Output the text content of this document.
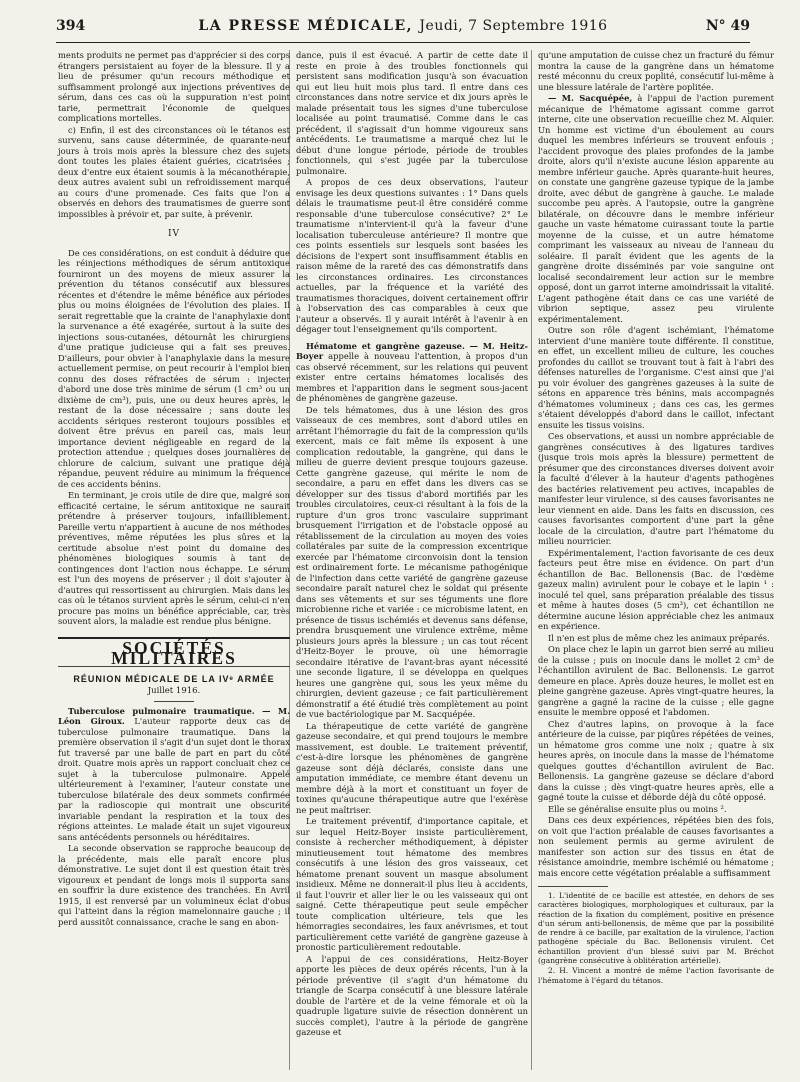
394	LA PRESSE MÉDICALE, Jeudi, 7 Septembre 1916	N° 49

ments produits ne permet pas d'apprécier si des corps étrangers persistaient au foyer de la blessure. Il y a lieu de présumer qu'un recours méthodique et suffisamment prolongé aux injections préventives de sérum, dans ces cas où la suppuration n'est point tarie, permettrait l'économie de quelques complications mortelles.

c) Enfin, il est des circonstances où le tétanos est survenu, sans cause déterminée, de quarante-neuf jours à trois mois après la blessure chez des sujets dont toutes les plaies étaient guéries, cicatrisées ; deux d'entre eux étaient soumis à la mécanothérapie, deux autres avaient subi un refroidissement marqué au cours d'une promenade. Ces faits que l'on a observés en dehors des traumatismes de guerre sont impossibles à prévoir et, par suite, à prévenir.

IV

De ces considérations, on est conduit à déduire que les réinjections méthodiques de sérum antitoxique fourniront un des moyens de mieux assurer la prévention du tétanos consécutif aux blessures récentes et d'étendre le même bénéfice aux périodes plus ou moins éloignées de l'évolution des plaies. Il serait regrettable que la crainte de l'anaphylaxie dont la survenance a été exagérée, surtout à la suite des injections sous-cutanées, détournât les chirurgiens d'une pratique judicieuse qui a fait ses preuves. D'ailleurs, pour obvier à l'anaphylaxie dans la mesure actuellement permise, on peut recourir à l'emploi bien connu des doses réfractées de sérum : injecter d'abord une dose très minime de sérum (1 cm³ ou un dixième de cm³), puis, une ou deux heures après, le restant de la dose nécessaire ; sans doute les accidents sériques resteront toujours possibles et doivent être prévus en pareil cas, mais leur importance devient négligeable en regard de la protection attendue ; quelques doses journalières de chlorure de calcium, suivant une pratique déjà répandue, peuvent réduire au minimum la fréquence de ces accidents bénins.

En terminant, je crois utile de dire que, malgré son efficacité certaine, le sérum antitoxique ne saurait prétendre à préserver toujours, infailliblement. Pareille vertu n'appartient à aucune de nos méthodes préventives, même réputées les plus sûres et la certitude absolue n'est point du domaine des phénomènes biologiques soumis à tant de contingences dont l'action nous échappe. Le sérum est l'un des moyens de préserver ; il doit s'ajouter à d'autres qui ressortissent au chirurgien. Mais dans les cas où le tétanos survient après le sérum, celui-ci n'en procure pas moins un bénéfice appréciable, car, très souvent alors, la maladie est rendue plus bénigne.

SOCIÉTÉS MILITAIRES
RÉUNION MÉDICALE DE LA IVᵉ ARMÉE
Juillet 1916.

Tuberculose pulmonaire traumatique. — M. Léon Giroux. L'auteur rapporte deux cas de tuberculose pulmonaire traumatique. Dans la première observation il s'agit d'un sujet dont le thorax fut traversé par une balle de part en part du côté droit. Quatre mois après un rapport concluait chez ce sujet à la tuberculose pulmonaire. Appelé ultérieurement à l'examiner, l'auteur constate une tuberculose bilatérale des deux sommets confirmée par la radioscopie qui montrait une obscurité invariable pendant la respiration et la toux des régions atteintes. Le malade était un sujet vigoureux sans antécédents personnels ou héréditaires.

La seconde observation se rapproche beaucoup de la précédente, mais elle paraît encore plus démonstrative. Le sujet dont il est question était très vigoureux et pendant de longs mois il supporta sans en souffrir la dure existence des tranchées. En Avril 1915, il est renversé par un volumineux éclat d'obus qui l'atteint dans la région mamelonnaire gauche ; il perd aussitôt connaissance, crache le sang en abon-

dance, puis il est évacué. A partir de cette date il reste en proie à des troubles fonctionnels qui persistent sans modification jusqu'à son évacuation qui eut lieu huit mois plus tard. Il entre dans ces circonstances dans notre service et dix jours après le malade présentait tous les signes d'une tuberculose localisée au point traumatisé. Comme dans le cas précédent, il s'agissait d'un homme vigoureux sans antécédents. Le traumatisme a marqué chez lui le début d'une longue période, période de troubles fonctionnels, qui s'est jugée par la tuberculose pulmonaire.

A propos de ces deux observations, l'auteur envisage les deux questions suivantes : 1° Dans quels délais le traumatisme peut-il être considéré comme responsable d'une tuberculose consécutive? 2° Le traumatisme n'intervient-il qu'à la faveur d'une localisation tuberculeuse antérieure? Il montre que ces points essentiels sur lesquels sont basées les décisions de l'expert sont insuffisamment établis en raison même de la rareté des cas démonstratifs dans les circonstances ordinaires. Les circonstances actuelles, par la fréquence et la variété des traumatismes thoraciques, doivent certainement offrir à l'observation des cas comparables à ceux que l'auteur a observés. Il y aurait intérêt à l'avenir à en dégager tout l'enseignement qu'ils comportent.

Hématome et gangrène gazeuse. — M. Heitz-Boyer appelle à nouveau l'attention, à propos d'un cas observé récemment, sur les relations qui peuvent exister entre certains hématomes localisés des membres et l'apparition dans le segment sous-jacent de phénomènes de gangrène gazeuse.

De tels hématomes, dus à une lésion des gros vaisseaux de ces membres, sont d'abord utiles en arrêtant l'hémorragie du fait de la compression qu'ils exercent, mais ce fait même ils exposent à une complication redoutable, la gangrène, qui dans le milieu de guerre devient presque toujours gazeuse. Cette gangrène gazeuse, qui mérite le nom de secondaire, a paru en effet dans les divers cas se développer sur des tissus d'abord mortifiés par les troubles circulatoires, ceux-ci résultant à la fois de la rupture d'un gros tronc vasculaire supprimant brusquement l'irrigation et de l'obstacle opposé au rétablissement de la circulation au moyen des voies collatérales par suite de la compression excentrique exercée par l'hématome circonvoisin dont la tension est ordinairement forte. Le mécanisme pathogénique de l'infection dans cette variété de gangrène gazeuse secondaire paraît naturel chez le soldat qui présente dans ses vêtements et sur ses téguments une flore microbienne riche et variée : ce microbisme latent, en présence de tissus ischémiés et devenus sans défense, prendra brusquement une virulence extrême, même plusieurs jours après la blessure ; un cas tout récent d'Heitz-Boyer le prouve, où une hémorragie secondaire itérative de l'avant-bras ayant nécessité une seconde ligature, il se développa en quelques heures une gangrène qui, sous les yeux même du chirurgien, devient gazeuse ; ce fait particulièrement démonstratif a été étudié très complètement au point de vue bactériologique par M. Sacquépée.

La thérapeutique de cette variété de gangrène gazeuse secondaire, et qui prend toujours le membre massivement, est double. Le traitement préventif, c'est-à-dire lorsque les phénomènes de gangrène gazeuse sont déjà déclarés, consiste dans une amputation immédiate, ce membre étant devenu un membre déjà à la mort et constituant un foyer de toxines qu'aucune thérapeutique autre que l'exérèse ne peut maîtriser.

Le traitement préventif, d'importance capitale, et sur lequel Heitz-Boyer insiste particulièrement, consiste à rechercher méthodiquement, à dépister minutieusement tout hématome des membres consécutifs à une lésion des gros vaisseaux, cet hématome prenant souvent un masque absolument insidieux. Même ne donnerait-il plus lieu à accidents, il faut l'ouvrir et aller lier le ou les vaisseaux qui ont saigné. Cette thérapeutique peut seule empêcher toute complication ultérieure, tels que les hémorragies secondaires, les faux anévrismes, et tout particulièrement cette variété de gangrène gazeuse à pronostic particulièrement redoutable.

A l'appui de ces considérations, Heitz-Boyer apporte les pièces de deux opérés récents, l'un à la période préventive (il s'agit d'un hématome du triangle de Scarpa consécutif à une blessure latérale double de l'artère et de la veine fémorale et où la quadruple ligature suivie de résection donnèrent un succès complet), l'autre à la période de gangrène gazeuse et

qu'une amputation de cuisse chez un fracturé du fémur montra la cause de la gangrène dans un hématome resté méconnu du creux poplité, consécutif lui-même à une blessure latérale de l'artère poplitée.

— M. Sacquépée, à l'appui de l'action purement mécanique de l'hématome agissant comme garrot interne, cite une observation recueillie chez M. Alquier. Un homme est victime d'un éboulement au cours duquel les membres inférieurs se trouvent enfouis ; l'accident provoque des plaies profondes de la jambe droite, alors qu'il n'existe aucune lésion apparente au membre inférieur gauche. Après quarante-huit heures, on constate une gangrène gazeuse typique de la jambe droite, avec début de gangrène à gauche. Le malade succombe peu après. A l'autopsie, outre la gangrène bilatérale, on découvre dans le membre inférieur gauche un vaste hématome cuirassant toute la partie moyenne de la cuisse, et un autre hématome comprimant les vaisseaux au niveau de l'anneau du soléaire. Il paraît évident que les agents de la gangrène droite disséminés par voie sanguine ont localisé secondairement leur action sur le membre opposé, dont un garrot interne amoindrissait la vitalité. L'agent pathogène était dans ce cas une variété de vibrion septique, assez peu virulente expérimentalement.

Outre son rôle d'agent ischémiant, l'hématome intervient d'une manière toute différente. Il constitue, en effet, un excellent milieu de culture, les couches profondes du caillot se trouvant tout à fait à l'abri des défenses naturelles de l'organisme. C'est ainsi que j'ai pu voir évoluer des gangrènes gazeuses à la suite de sétons en apparence très bénins, mais accompagnés d'hématomes volumineux ; dans ces cas, les germes s'étaient développés d'abord dans le caillot, infectant ensuite les tissus voisins.

Ces observations, et aussi un nombre appréciable de gangrènes consécutives à des ligatures tardives (jusque trois mois après la blessure) permettent de présumer que des circonstances diverses doivent avoir la faculté d'élever à la hauteur d'agents pathogènes des bactéries relativement peu actives, incapables de manifester leur virulence, si des causes favorisantes ne leur viennent en aide. Dans les faits en discussion, ces causes favorisantes comportent d'une part la gêne locale de la circulation, d'autre part l'hématome du milieu nourricier.

Expérimentalement, l'action favorisante de ces deux facteurs peut être mise en évidence. On part d'un échantillon de Bac. Bellonensis (Bac. de l'œdème gazeux malin) avirulent pour le cobaye et le lapin ¹ : inoculé tel quel, sans préparation préalable des tissus et même à hautes doses (5 cm³), cet échantillon ne détermine aucune lésion appréciable chez les animaux en expérience.

Il n'en est plus de même chez les animaux préparés.

On place chez le lapin un garrot bien serré au milieu de la cuisse ; puis on inocule dans le mollet 2 cm³ de l'échantillon avirulent de Bac. Bellonensis. Le garrot demeure en place. Après douze heures, le mollet est en pleine gangrène gazeuse. Après vingt-quatre heures, la gangrène a gagné la racine de la cuisse ; elle gagne ensuite le membre opposé et l'abdomen.

Chez d'autres lapins, on provoque à la face antérieure de la cuisse, par piqûres répétées de veines, un hématome gros comme une noix ; quatre à six heures après, on inocule dans la masse de l'hématome quelques gouttes d'échantillon avirulent de Bac. Bellonensis. La gangrène gazeuse se déclare d'abord dans la cuisse ; dès vingt-quatre heures après, elle a gagné toute la cuisse et déborde déjà du côté opposé.

Elle se généralise ensuite plus ou moins ².

Dans ces deux expériences, répétées bien des fois, on voit que l'action préalable de causes favorisantes a non seulement permis au germe avirulent de manifester son action sur des tissus en état de résistance amoindrie, membre ischémié ou hématome ; mais encore cette végétation préalable a suffisamment

1. L'identité de ce bacille est attestée, en dehors de ses caractères biologiques, morphologiques et culturaux, par la réaction de la fixation du complément, positive en présence d'un sérum anti-bellonensis, de même que par la possibilité de rendre à ce bacille, par exaltation de la virulence, l'action pathogène spéciale du Bac. Bellonensis virulent. Cet échantillon provient d'un blessé suivi par M. Bréchot (gangrène consécutive à oblitération artérielle).

2. H. Vincent a montré de même l'action favorisante de l'hématome à l'égard du tétanos.
